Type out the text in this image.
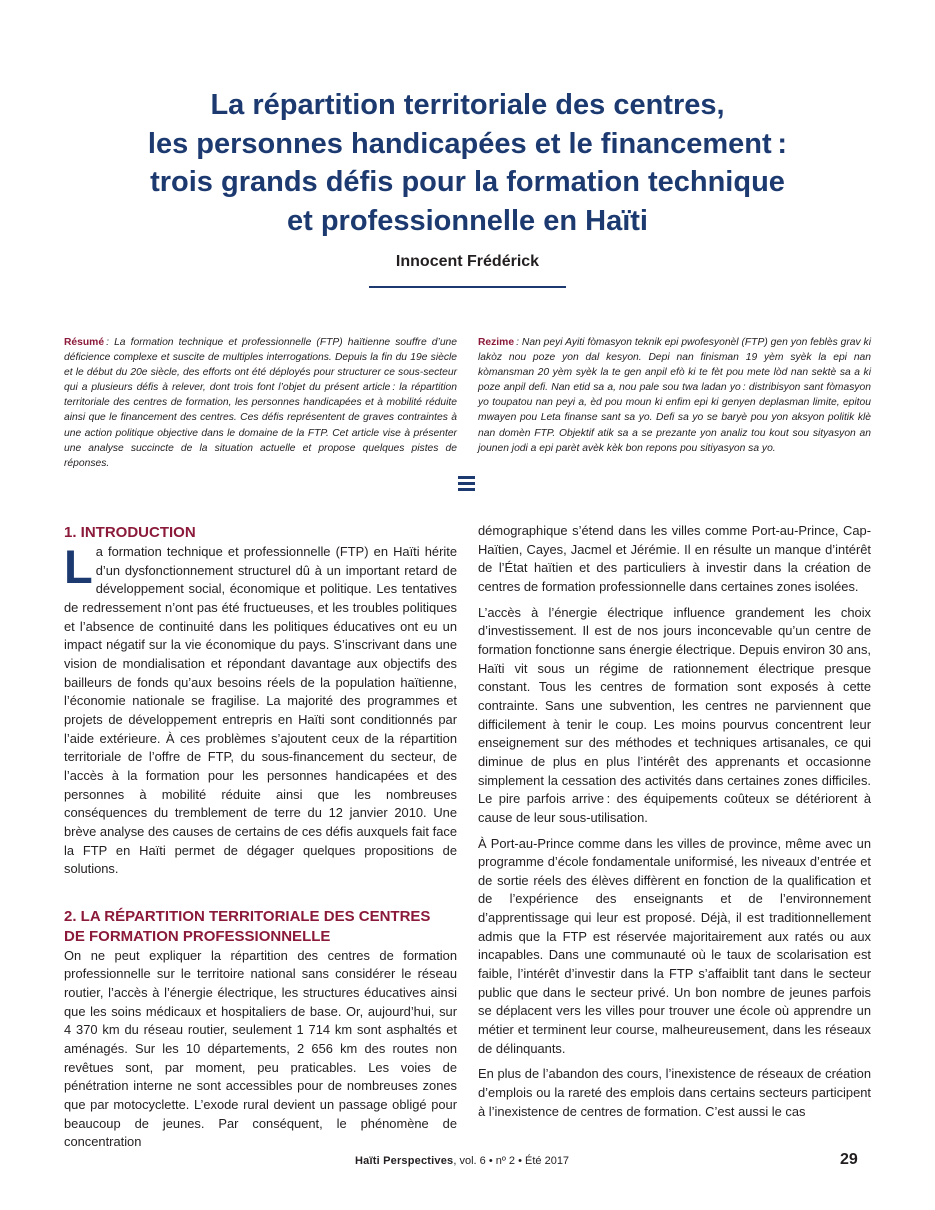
La répartition territoriale des centres,
les personnes handicapées et le financement :
trois grands défis pour la formation technique
et professionnelle en Haïti
Innocent Frédérick

Résumé : La formation technique et professionnelle (FTP) haïtienne souffre d’une déficience complexe et suscite de multiples interrogations. Depuis la fin du 19e siècle et le début du 20e siècle, des efforts ont été déployés pour structurer ce sous-secteur qui a plusieurs défis à relever, dont trois font l’objet du présent article : la répartition territoriale des centres de formation, les personnes handicapées et à mobilité réduite ainsi que le financement des centres. Ces défis représentent de graves contraintes à une action politique objective dans le domaine de la FTP. Cet article vise à présenter une analyse succincte de la situation actuelle et propose quelques pistes de réponses.

Rezime : Nan peyi Ayiti fòmasyon teknik epi pwofesyonèl (FTP) gen yon feblès grav ki lakòz nou poze yon dal kesyon. Depi nan finisman 19 yèm syèk la epi nan kòmansman 20 yèm syèk la te gen anpil efò ki te fèt pou mete lòd nan sektè sa a ki poze anpil defi. Nan etid sa a, nou pale sou twa ladan yo : distribisyon sant fòmasyon yo toupatou nan peyi a, èd pou moun ki enfim epi ki genyen deplasman limite, epitou mwayen pou Leta finanse sant sa yo. Defi sa yo se baryè pou yon aksyon politik klè nan domèn FTP. Objektif atik sa a se prezante yon analiz tou kout sou sityasyon an jounen jodi a epi parèt avèk kèk bon repons pou sitiyasyon sa yo.

1. INTRODUCTION

La formation technique et professionnelle (FTP) en Haïti hérite d’un dysfonctionnement structurel dû à un important retard de développement social, économique et politique. Les tentatives de redressement n’ont pas été fructueuses, et les troubles politiques et l’absence de continuité dans les politiques éducatives ont eu un impact négatif sur la vie économique du pays. S’inscrivant dans une vision de mondialisation et répondant davantage aux objectifs des bailleurs de fonds qu’aux besoins réels de la population haïtienne, l’économie nationale se fragilise. La majorité des programmes et projets de développement entrepris en Haïti sont conditionnés par l’aide extérieure. À ces problèmes s’ajoutent ceux de la répartition territoriale de l’offre de FTP, du sous-financement du secteur, de l’accès à la formation pour les personnes handicapées et des personnes à mobilité réduite ainsi que les nombreuses conséquences du tremblement de terre du 12 janvier 2010. Une brève analyse des causes de certains de ces défis auxquels fait face la FTP en Haïti permet de dégager quelques propositions de solutions.

2. LA RÉPARTITION TERRITORIALE DES CENTRES
DE FORMATION PROFESSIONNELLE

On ne peut expliquer la répartition des centres de formation professionnelle sur le territoire national sans considérer le réseau routier, l’accès à l’énergie électrique, les structures éducatives ainsi que les soins médicaux et hospitaliers de base. Or, aujourd’hui, sur 4 370 km du réseau routier, seulement 1 714 km sont asphaltés et aménagés. Sur les 10 départements, 2 656 km des routes non revêtues sont, par moment, peu praticables. Les voies de pénétration interne ne sont accessibles pour de nombreuses zones que par motocyclette. L’exode rural devient un passage obligé pour beaucoup de jeunes. Par conséquent, le phénomène de concentration

démographique s’étend dans les villes comme Port-au-Prince, Cap-Haïtien, Cayes, Jacmel et Jérémie. Il en résulte un manque d’intérêt de l’État haïtien et des particuliers à investir dans la création de centres de formation professionnelle dans certaines zones isolées.

L’accès à l’énergie électrique influence grandement les choix d’investissement. Il est de nos jours inconcevable qu’un centre de formation fonctionne sans énergie électrique. Depuis environ 30 ans, Haïti vit sous un régime de rationnement électrique presque constant. Tous les centres de formation sont exposés à cette contrainte. Sans une subvention, les centres ne parviennent que difficilement à tenir le coup. Les moins pourvus concentrent leur enseignement sur des méthodes et techniques artisanales, ce qui diminue de plus en plus l’intérêt des apprenants et occasionne simplement la cessation des activités dans certaines zones difficiles. Le pire parfois arrive : des équipements coûteux se détériorent à cause de leur sous-utilisation.

À Port-au-Prince comme dans les villes de province, même avec un programme d’école fondamentale uniformisé, les niveaux d’entrée et de sortie réels des élèves diffèrent en fonction de la qualification et de l’expérience des enseignants et de l’environnement d’apprentissage qui leur est proposé. Déjà, il est traditionnellement admis que la FTP est réservée majoritairement aux ratés ou aux incapables. Dans une communauté où le taux de scolarisation est faible, l’intérêt d’investir dans la FTP s’affaiblit tant dans le secteur public que dans le secteur privé. Un bon nombre de jeunes parfois se déplacent vers les villes pour trouver une école où apprendre un métier et terminent leur course, malheureusement, dans les réseaux de délinquants.

En plus de l’abandon des cours, l’inexistence de réseaux de création d’emplois ou la rareté des emplois dans certains secteurs participent à l’inexistence de centres de formation. C’est aussi le cas

Haïti Perspectives, vol. 6 • nº 2 • Été 2017	29
